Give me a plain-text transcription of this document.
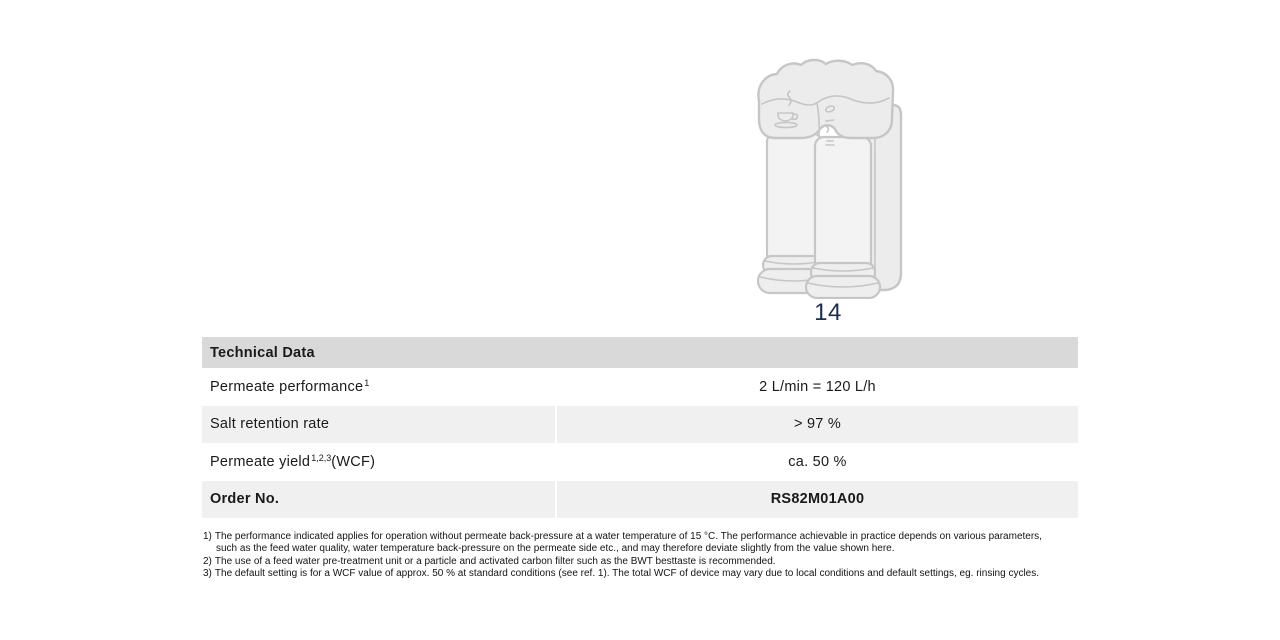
14
Technical Data
Permeate performance$^1$	2 L/min = 120 L/h
Salt retention rate	> 97 %
Permeate yield$^{1,2,3}$ (WCF)	ca. 50 %
Order No.	RS82M01A00
1) The performance indicated applies for operation without permeate back-pressure at a water temperature of 15 °C. The performance achievable in practice depends on various parameters, such as the feed water quality, water temperature back-pressure on the permeate side etc., and may therefore deviate slightly from the value shown here.
2) The use of a feed water pre-treatment unit or a particle and activated carbon filter such as the BWT besttaste is recommended.
3) The default setting is for a WCF value of approx. 50 % at standard conditions (see ref. 1). The total WCF of device may vary due to local conditions and default settings, eg. rinsing cycles.
